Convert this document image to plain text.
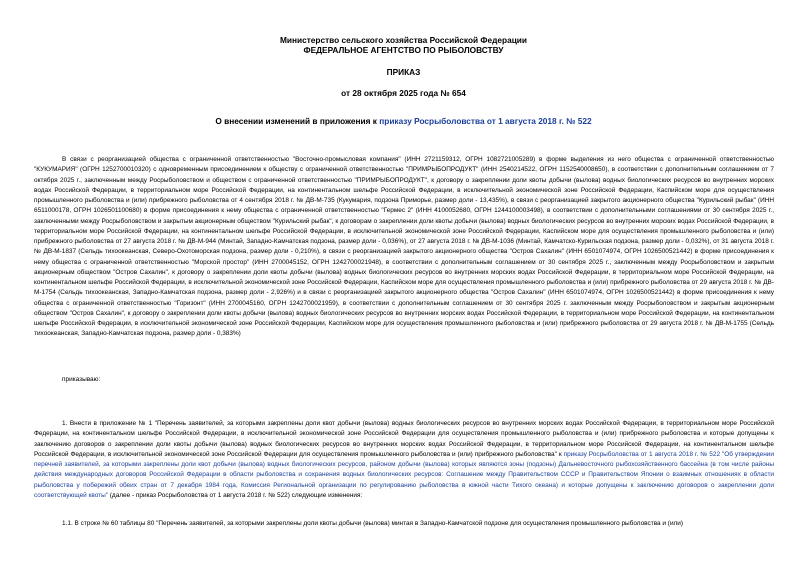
Министерство сельского хозяйства Российской Федерации
ФЕДЕРАЛЬНОЕ АГЕНТСТВО ПО РЫБОЛОВСТВУ
ПРИКАЗ
от 28 октября 2025 года № 654
О внесении изменений в приложения к приказу Росрыболовства от 1 августа 2018 г. № 522

В связи с реорганизацией общества с ограниченной ответственностью "Восточно-промысловая компания" (ИНН 2721159312, ОГРН 1082721005289) в форме выделения из него общества с ограниченной ответственностью "КУКУМАРИЯ" (ОГРН 1252700010320) с одновременным присоединением к обществу с ограниченной ответственностью "ПРИМРЫБОПРОДУКТ" (ИНН 2540214522, ОГРН 1152540008650), в соответствии с дополнительным соглашением от 7 октября 2025 г., заключенным между Росрыболовством и обществом с ограниченной ответственностью "ПРИМРЫБОПРОДУКТ", к договору о закреплении доли квоты добычи (вылова) водных биологических ресурсов во внутренних морских водах Российской Федерации, в территориальном море Российской Федерации, на континентальном шельфе Российской Федерации, в исключительной экономической зоне Российской Федерации, Каспийском море для осуществления промышленного рыболовства и (или) прибрежного рыболовства от 4 сентября 2018 г. № ДВ-М-735 (Кукумария, подзона Приморье, размер доли - 13,435%), в связи с реорганизацией закрытого акционерного общества "Курильский рыбак" (ИНН 6511000178, ОГРН 1026501100680) в форме присоединения к нему общества с ограниченной ответственностью "Гермес 2" (ИНН 4100052680, ОГРН 1244100003498), в соответствии с дополнительными соглашениями от 30 сентября 2025 г., заключенными между Росрыболовством и закрытым акционерным обществом "Курильский рыбак", к договорам о закреплении доли квоты добычи (вылова) водных биологических ресурсов во внутренних морских водах Российской Федерации, в территориальном море Российской Федерации, на континентальном шельфе Российской Федерации, в исключительной экономической зоне Российской Федерации, Каспийском море для осуществления промышленного рыболовства и (или) прибрежного рыболовства от 27 августа 2018 г. № ДВ-М-944 (Минтай, Западно-Камчатская подзона, размер доли - 0,036%), от 27 августа 2018 г. № ДВ-М-1036 (Минтай, Камчатско-Курильская подзона, размер доли - 0,032%), от 31 августа 2018 г. № ДВ-М-1837 (Сельдь тихоокеанская, Северо-Охотоморская подзона, размер доли - 0,210%), в связи с реорганизацией закрытого акционерного общества "Остров Сахалин" (ИНН 6501074974, ОГРН 1026500521442) в форме присоединения к нему общества с ограниченной ответственностью "Морской простор" (ИНН 2700045152, ОГРН 1242700021948), в соответствии с дополнительным соглашением от 30 сентября 2025 г., заключенным между Росрыболовством и закрытым акционерным обществом "Остров Сахалин", к договору о закреплении доли квоты добычи (вылова) водных биологических ресурсов во внутренних морских водах Российской Федерации, в территориальном море Российской Федерации, на континентальном шельфе Российской Федерации, в исключительной экономической зоне Российской Федерации, Каспийском море для осуществления промышленного рыболовства и (или) прибрежного рыболовства от 29 августа 2018 г. № ДВ-М-1754 (Сельдь тихоокеанская, Западно-Камчатская подзона, размер доли - 2,926%) и в связи с реорганизацией закрытого акционерного общества "Остров Сахалин" (ИНН 6501074974, ОГРН 1026500521442) в форме присоединения к нему общества с ограниченной ответственностью "Горизонт" (ИНН 2700045160, ОГРН 1242700021959), в соответствии с дополнительным соглашением от 30 сентября 2025 г. заключенным между Росрыболовством и закрытым акционерным обществом "Остров Сахалин", к договору о закреплении доли квоты добычи (вылова) водных биологических ресурсов во внутренних морских водах Российской Федерации, в территориальном море Российской Федерации, на континентальном шельфе Российской Федерации, в исключительной экономической зоне Российской Федерации, Каспийском море для осуществления промышленного рыболовства и (или) прибрежного рыболовства от 29 августа 2018 г. № ДВ-М-1755 (Сельдь тихоокеанская, Западно-Камчатская подзона, размер доли - 0,383%)

приказываю:

1. Внести в приложение № 1 "Перечень заявителей, за которыми закреплены доли квот добычи (вылова) водных биологических ресурсов во внутренних морских водах Российской Федерации, в территориальном море Российской Федерации, на континентальном шельфе Российской Федерации, в исключительной экономической зоне Российской Федерации для осуществления промышленного рыболовства и (или) прибрежного рыболовства и которые допущены к заключению договоров о закреплении доли квоты добычи (вылова) водных биологических ресурсов во внутренних морских водах Российской Федерации, в территориальном море Российской Федерации, на континентальном шельфе Российской Федерации, в исключительной экономической зоне Российской Федерации для осуществления промышленного рыболовства и (или) прибрежного рыболовства" к приказу Росрыболовства от 1 августа 2018 г. № 522 "Об утверждении перечней заявителей, за которыми закреплены доли квот добычи (вылова) водных биологических ресурсов, районом добычи (вылова) которых являются зоны (подзоны) Дальневосточного рыбохозяйственного бассейна (в том числе районы действия международных договоров Российской Федерации в области рыболовства и сохранения водных биологических ресурсов: Соглашение между Правительством СССР и Правительством Японии о взаимных отношениях в области рыболовства у побережий обеих стран от 7 декабря 1984 года, Комиссия Региональной организации по регулированию рыболовства в южной части Тихого океана) и которые допущены к заключению договоров о закреплении доли соответствующей квоты" (далее - приказ Росрыболовства от 1 августа 2018 г. № 522) следующие изменения:

1.1. В строке № 60 таблицы 80 "Перечень заявителей, за которыми закреплены доли квоты добычи (вылова) минтая в Западно-Камчатской подзоне для осуществления промышленного рыболовства и (или)
